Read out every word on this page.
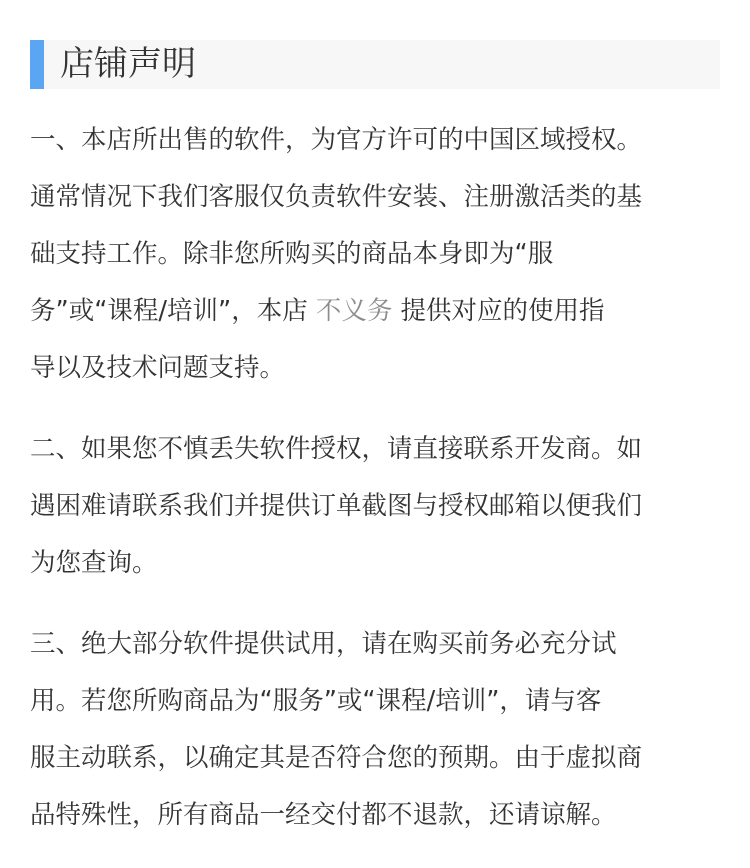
店铺声明
一、本店所出售的软件，为官方许可的中国区域授权。
通常情况下我们客服仅负责软件安装、注册激活类的基
础支持工作。除非您所购买的商品本身即为“服
务”或“课程/培训”，本店 不义务 提供对应的使用指
导以及技术问题支持。
二、如果您不慎丢失软件授权，请直接联系开发商。如
遇困难请联系我们并提供订单截图与授权邮箱以便我们
为您查询。
三、绝大部分软件提供试用，请在购买前务必充分试
用。若您所购商品为“服务”或“课程/培训”，请与客
服主动联系，以确定其是否符合您的预期。由于虚拟商
品特殊性，所有商品一经交付都不退款，还请谅解。
